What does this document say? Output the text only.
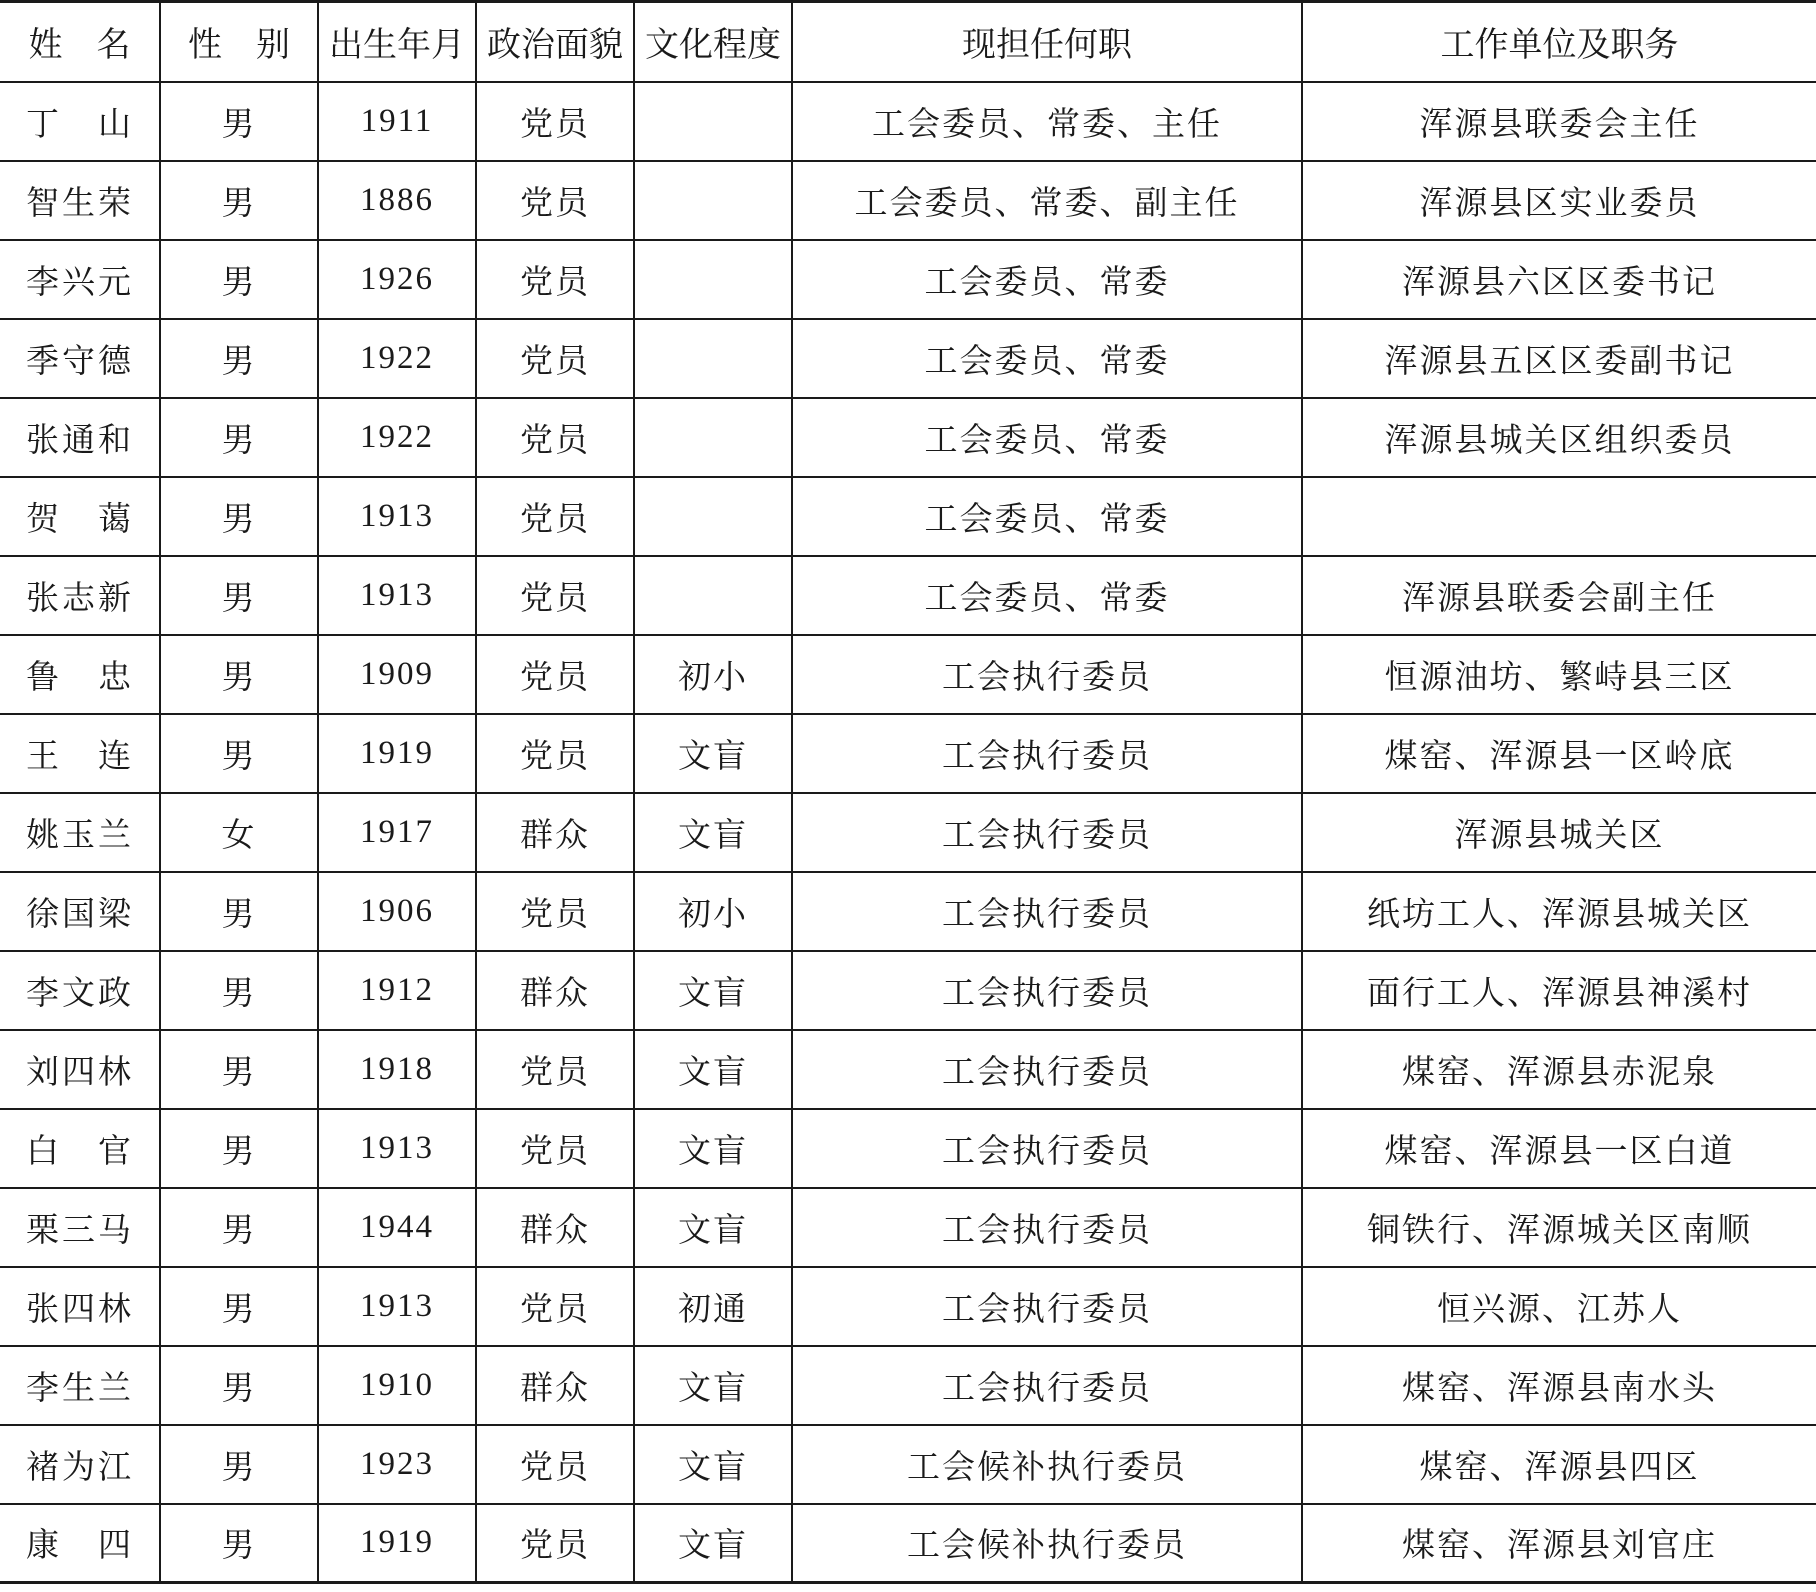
姓　名	性　别	出生年月	政治面貌	文化程度	现担任何职	工作单位及职务
丁　山	男	1911	党员		工会委员、常委、主任	浑源县联委会主任
智生荣	男	1886	党员		工会委员、常委、副主任	浑源县区实业委员
李兴元	男	1926	党员		工会委员、常委	浑源县六区区委书记
季守德	男	1922	党员		工会委员、常委	浑源县五区区委副书记
张通和	男	1922	党员		工会委员、常委	浑源县城关区组织委员
贺　蔼	男	1913	党员		工会委员、常委	
张志新	男	1913	党员		工会委员、常委	浑源县联委会副主任
鲁　忠	男	1909	党员	初小	工会执行委员	恒源油坊、繁峙县三区
王　连	男	1919	党员	文盲	工会执行委员	煤窑、浑源县一区岭底
姚玉兰	女	1917	群众	文盲	工会执行委员	浑源县城关区
徐国梁	男	1906	党员	初小	工会执行委员	纸坊工人、浑源县城关区
李文政	男	1912	群众	文盲	工会执行委员	面行工人、浑源县神溪村
刘四林	男	1918	党员	文盲	工会执行委员	煤窑、浑源县赤泥泉
白　官	男	1913	党员	文盲	工会执行委员	煤窑、浑源县一区白道
栗三马	男	1944	群众	文盲	工会执行委员	铜铁行、浑源城关区南顺
张四林	男	1913	党员	初通	工会执行委员	恒兴源、江苏人
李生兰	男	1910	群众	文盲	工会执行委员	煤窑、浑源县南水头
褚为江	男	1923	党员	文盲	工会候补执行委员	煤窑、浑源县四区
康　四	男	1919	党员	文盲	工会候补执行委员	煤窑、浑源县刘官庄
